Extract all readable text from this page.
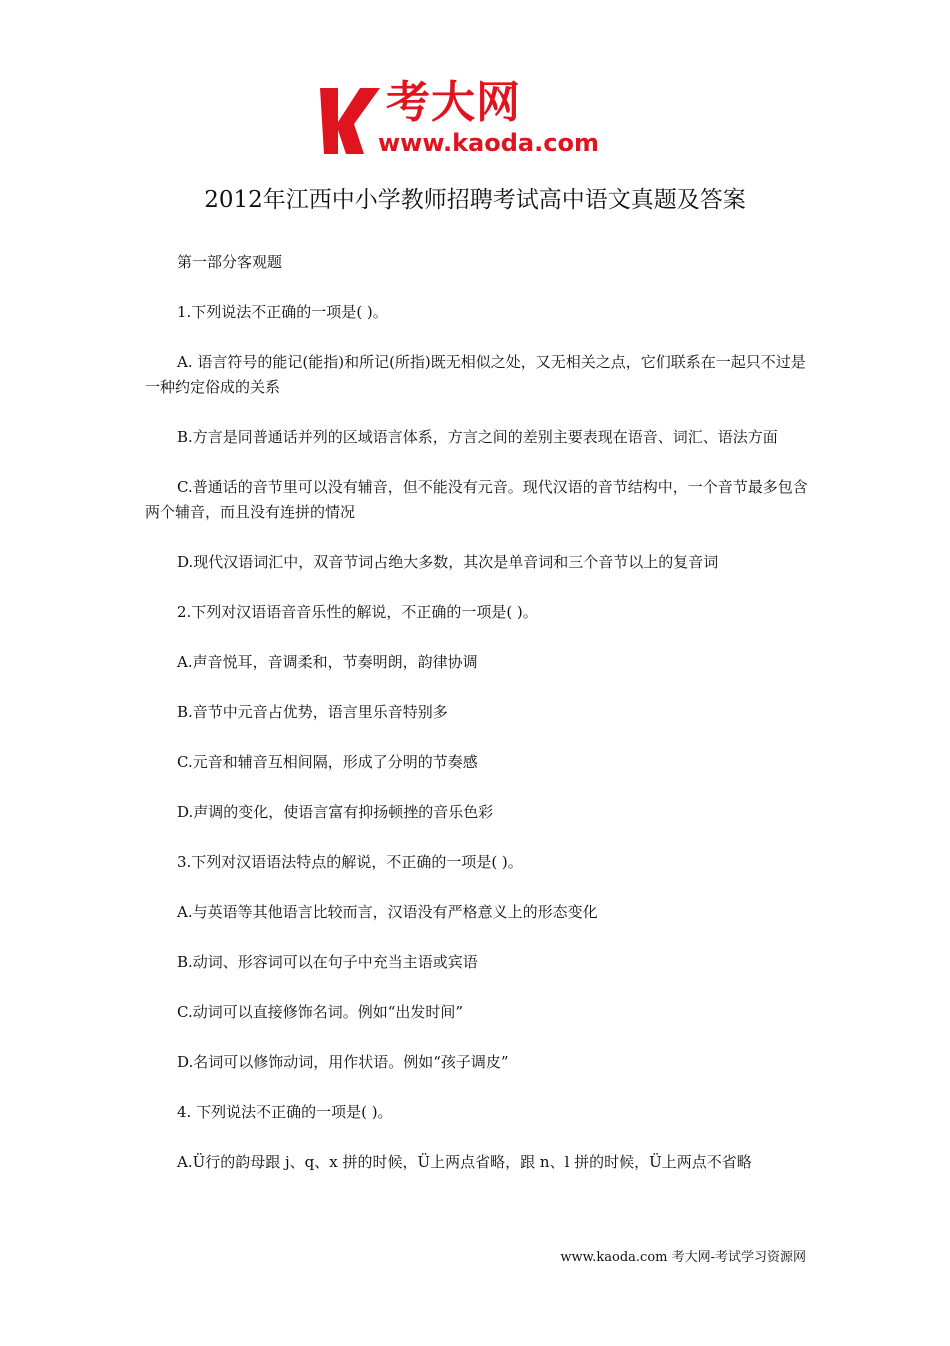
考大网
www.kaoda.com
2012年江西中小学教师招聘考试高中语文真题及答案

第一部分客观题

1.下列说法不正确的一项是( )。

A. 语言符号的能记(能指)和所记(所指)既无相似之处，又无相关之点，它们联系在一起只不过是一种约定俗成的关系

B.方言是同普通话并列的区域语言体系，方言之间的差别主要表现在语音、词汇、语法方面

C.普通话的音节里可以没有辅音，但不能没有元音。现代汉语的音节结构中，一个音节最多包含两个辅音，而且没有连拼的情况

D.现代汉语词汇中，双音节词占绝大多数，其次是单音词和三个音节以上的复音词

2.下列对汉语语音音乐性的解说，不正确的一项是( )。

A.声音悦耳，音调柔和，节奏明朗，韵律协调

B.音节中元音占优势，语言里乐音特别多

C.元音和辅音互相间隔，形成了分明的节奏感

D.声调的变化，使语言富有抑扬顿挫的音乐色彩

3.下列对汉语语法特点的解说，不正确的一项是( )。

A.与英语等其他语言比较而言，汉语没有严格意义上的形态变化

B.动词、形容词可以在句子中充当主语或宾语

C.动词可以直接修饰名词。例如“出发时间”

D.名词可以修饰动词，用作状语。例如“孩子调皮”

4. 下列说法不正确的一项是( )。

A.Ü行的韵母跟 j、q、x 拼的时候，Ü上两点省略，跟 n、l 拼的时候，Ü上两点不省略

www.kaoda.com 考大网-考试学习资源网
